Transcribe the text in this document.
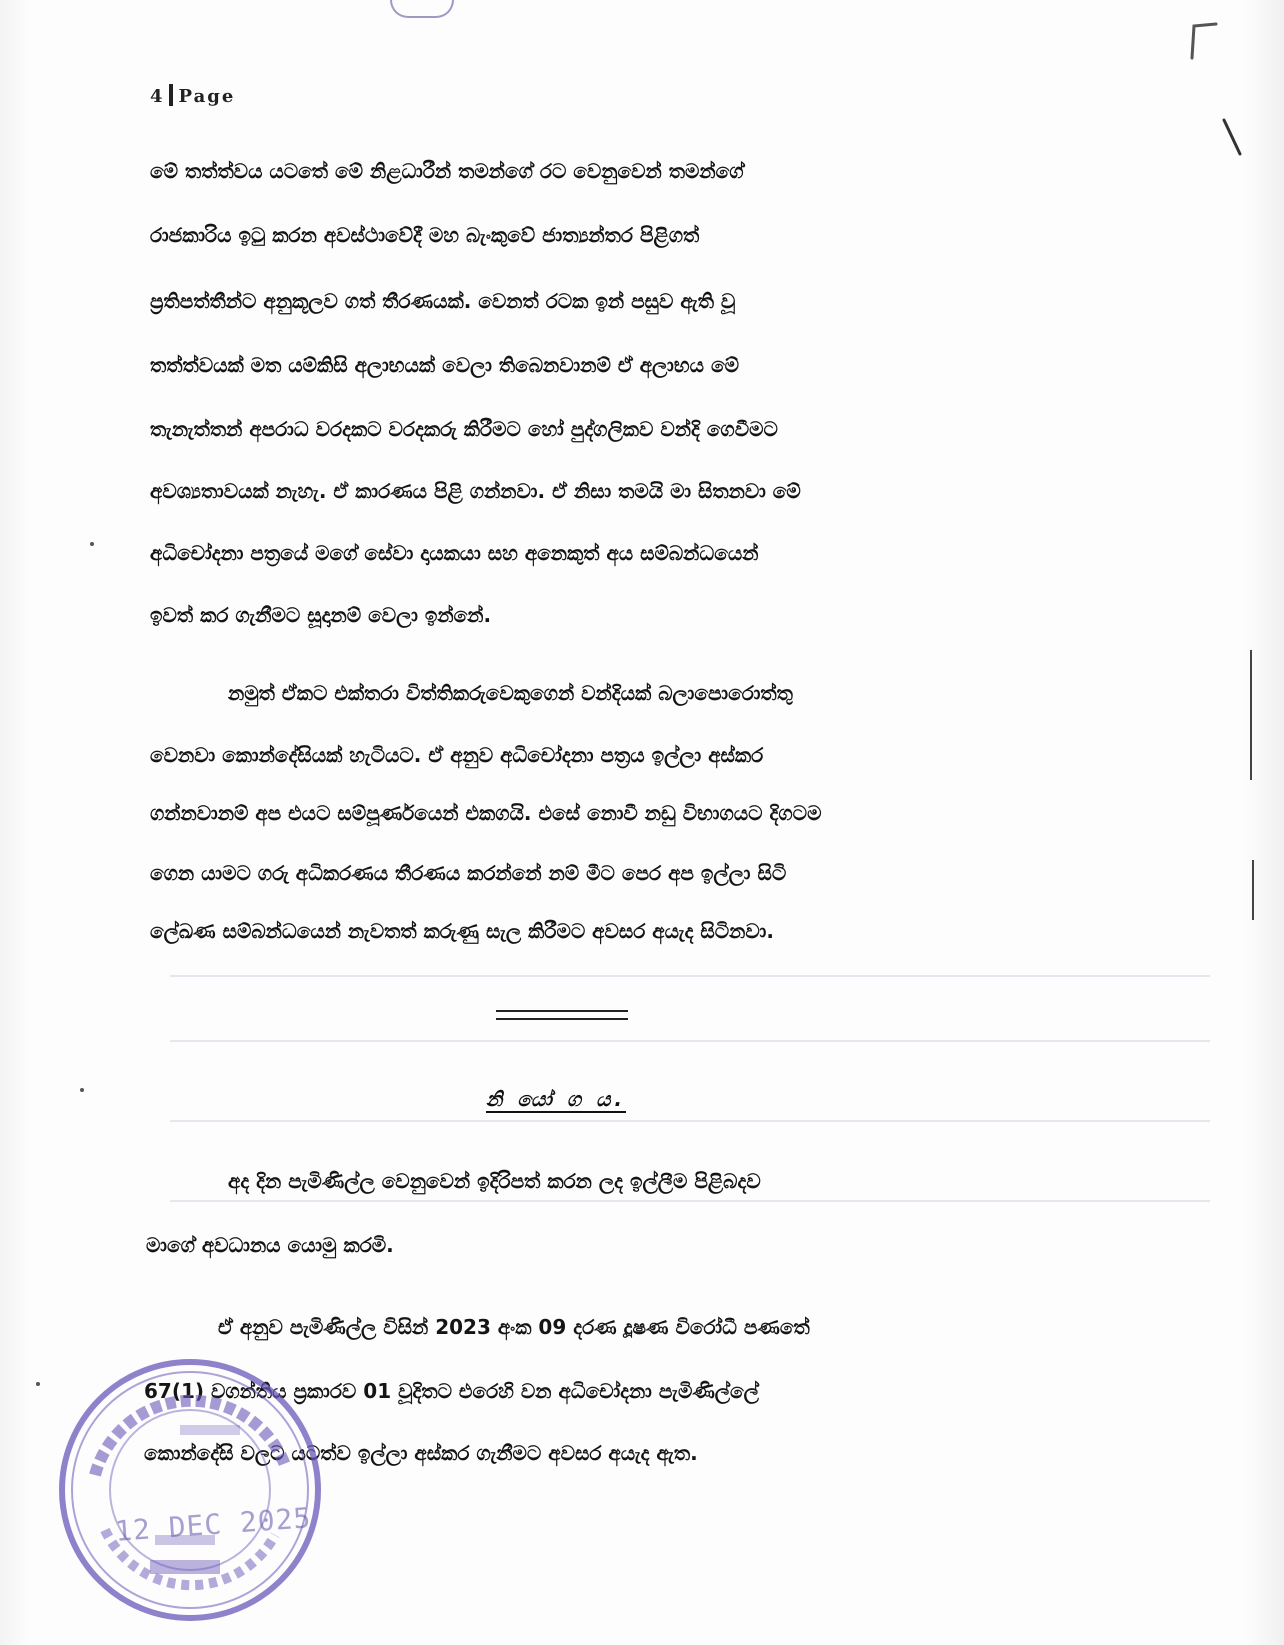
4 Page
මේ තත්ත්වය යටතේ මේ නිළධාරීන් තමන්ගේ රට වෙනුවෙන් තමන්ගේ
රාජකාරිය ඉටු කරන අවස්ථාවේදී මහ බැංකුවේ ජාත්‍යන්තර පිළිගත්
ප්‍රතිපත්තීන්ට අනුකූලව ගත් තීරණයක්. වෙනත් රටක ඉන් පසුව ඇති වූ
තත්ත්වයක් මත යම්කිසි අලාභයක් වෙලා තිබෙනවානම් ඒ අලාභය මේ
තැනැත්තන් අපරාධ වරදකට වරදකරු කිරීමට හෝ පුද්ගලිකව වන්දි ගෙවීමට
අවශ්‍යතාවයක් නැහැ. ඒ කාරණය පිළි ගන්නවා. ඒ නිසා තමයි මා සිතනවා මේ
අධිචෝදනා පත්‍රයේ මගේ සේවා දායකයා සහ අනෙකුත් අය සම්බන්ධයෙන්
ඉවත් කර ගැනීමට සූදානම් වෙලා ඉන්නේ.
නමුත් ඒකට එක්තරා විත්තිකරුවෙකුගෙන් වන්දියක් බලාපොරොත්තු
වෙනවා කොන්දේසියක් හැටියට. ඒ අනුව අධිචෝදනා පත්‍රය ඉල්ලා අස්කර
ගන්නවානම් අප එයට සම්පූර්ණයෙන් එකගයි. එසේ නොවී නඩු විභාගයට දිගටම
ගෙන යාමට ගරු අධිකරණය තීරණය කරන්නේ නම් මීට පෙර අප ඉල්ලා සිටි
ලේඛණ සම්බන්ධයෙන් නැවතත් කරුණු සැල කිරීමට අවසර අයැද සිටිනවා.
නි යෝ ග ය.
අද දින පැමිණිල්ල වෙනුවෙන් ඉදිරිපත් කරන ලද ඉල්ලීම පිළිබදව
මාගේ අවධානය යොමු කරමි.
ඒ අනුව පැමිණිල්ල විසින් 2023 අංක 09 දරණ දූෂණ විරෝධී පණතේ
67(1) වගන්තිය ප්‍රකාරව 01 වූදිතට එරෙහි වන අධිචෝදනා පැමිණිල්ලේ
කොන්දේසි වලට යටත්ව ඉල්ලා අස්කර ගැනීමට අවසර අයැද ඇත.
12 DEC 2025
